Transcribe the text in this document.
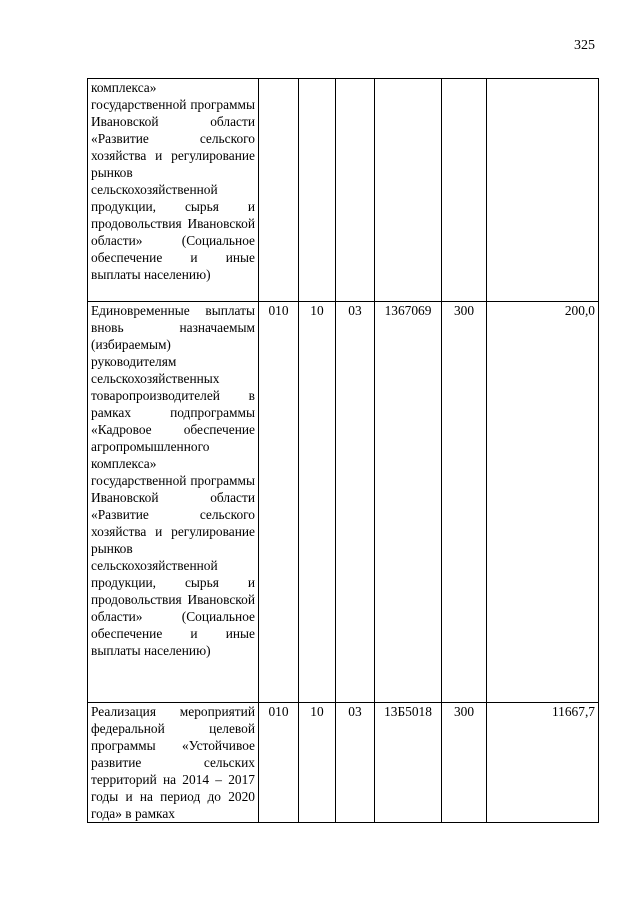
325
комплекса» государственной программы Ивановской области «Развитие сельского хозяйства и регулирование рынков сельскохозяйственной продукции, сырья и продовольствия Ивановской области» (Социальное обеспечение и иные выплаты населению)						

Единовременные выплаты вновь назначаемым (избираемым) руководителям сельскохозяйственных товаропроизводителей в рамках подпрограммы «Кадровое обеспечение агропромышленного комплекса» государственной программы Ивановской области «Развитие сельского хозяйства и регулирование рынков сельскохозяйственной продукции, сырья и продовольствия Ивановской области» (Социальное обеспечение и иные выплаты населению)	010	10	03	1367069	300	200,0

Реализация мероприятий федеральной целевой программы «Устойчивое развитие сельских территорий на 2014 – 2017 годы и на период до 2020 года» в рамках	010	10	03	13Б5018	300	11667,7
